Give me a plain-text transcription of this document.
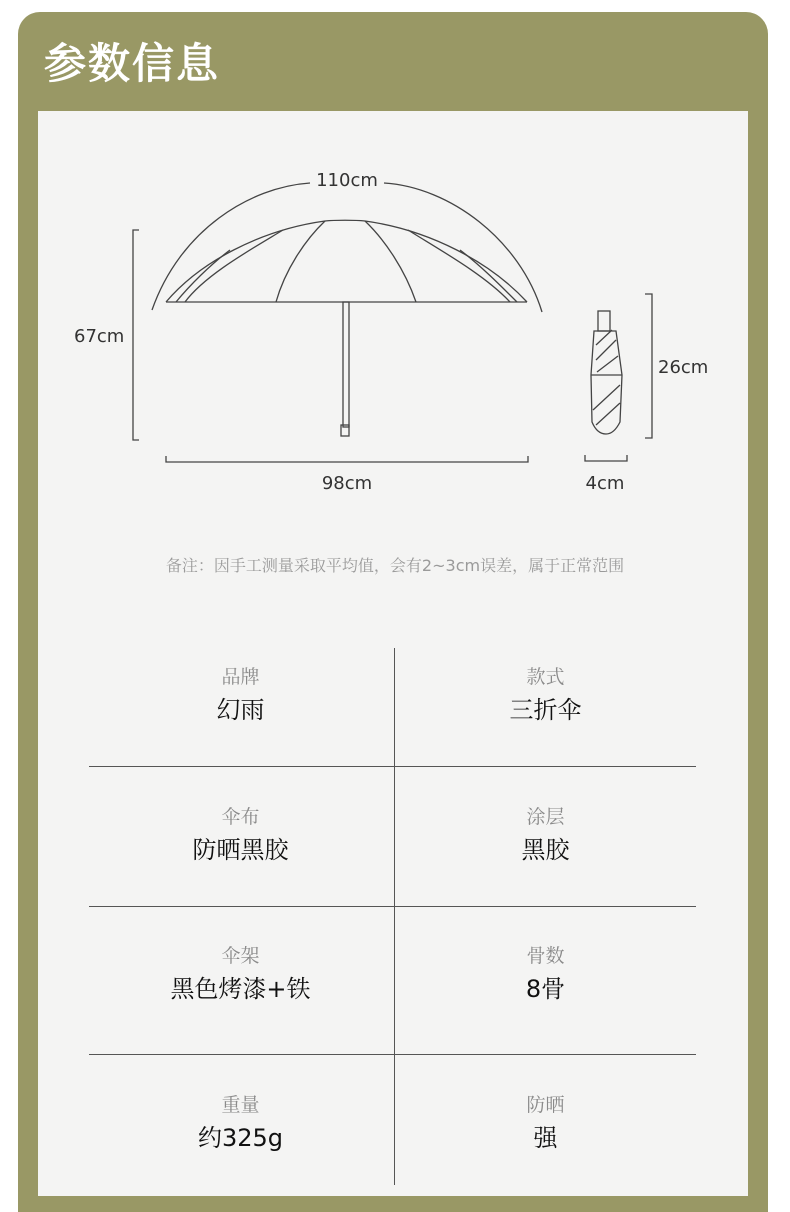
参数信息
110cm
67cm
98cm
26cm
4cm
备注：因手工测量采取平均值，会有2~3cm误差，属于正常范围
品牌
幻雨
款式
三折伞
伞布
防晒黑胶
涂层
黑胶
伞架
黑色烤漆+铁
骨数
8骨
重量
约325g
防晒
强
